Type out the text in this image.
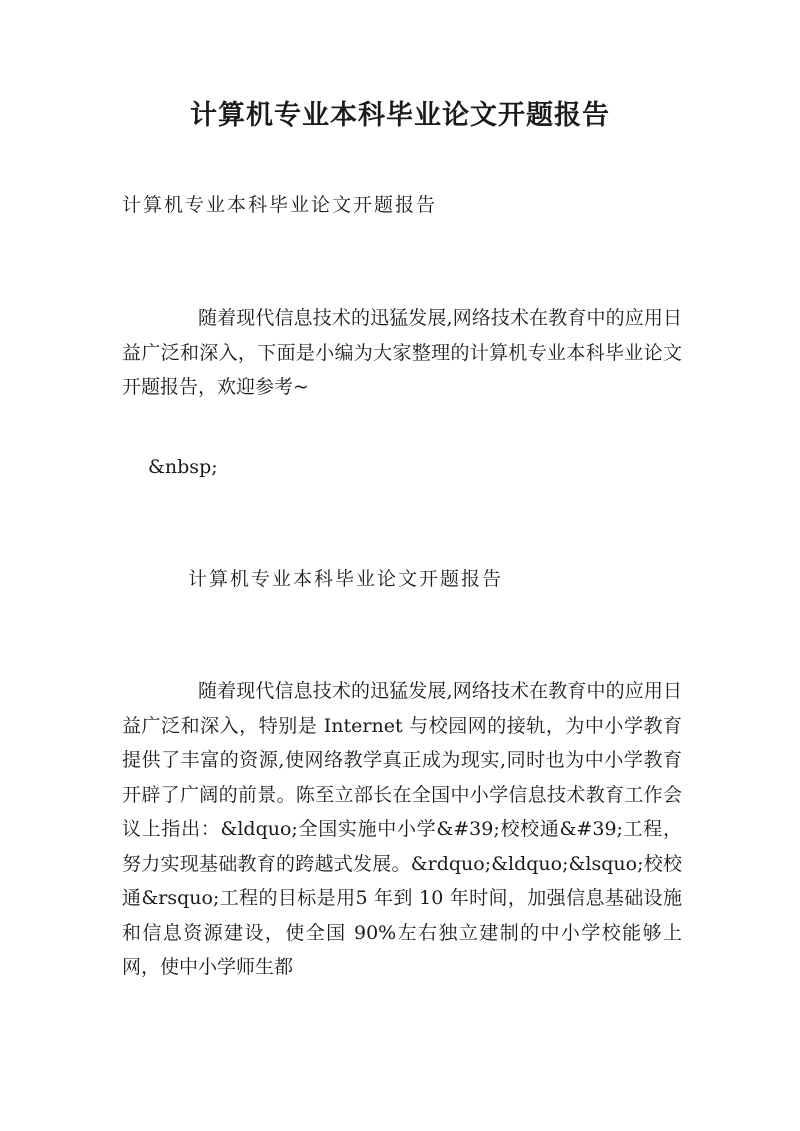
计算机专业本科毕业论文开题报告

计算机专业本科毕业论文开题报告

随着现代信息技术的迅猛发展,网络技术在教育中的应用日益广泛和深入，下面是小编为大家整理的计算机专业本科毕业论文开题报告，欢迎参考~

&nbsp;

计算机专业本科毕业论文开题报告

随着现代信息技术的迅猛发展,网络技术在教育中的应用日益广泛和深入，特别是 Internet 与校园网的接轨，为中小学教育提供了丰富的资源,使网络教学真正成为现实,同时也为中小学教育开辟了广阔的前景。陈至立部长在全国中小学信息技术教育工作会议上指出：&ldquo;全国实施中小学&#39;校校通&#39;工程，努力实现基础教育的跨越式发展。&rdquo;&ldquo;&lsquo;校校通&rsquo;工程的目标是用5 年到 10 年时间，加强信息基础设施和信息资源建设，使全国 90%左右独立建制的中小学校能够上网，使中小学师生都
